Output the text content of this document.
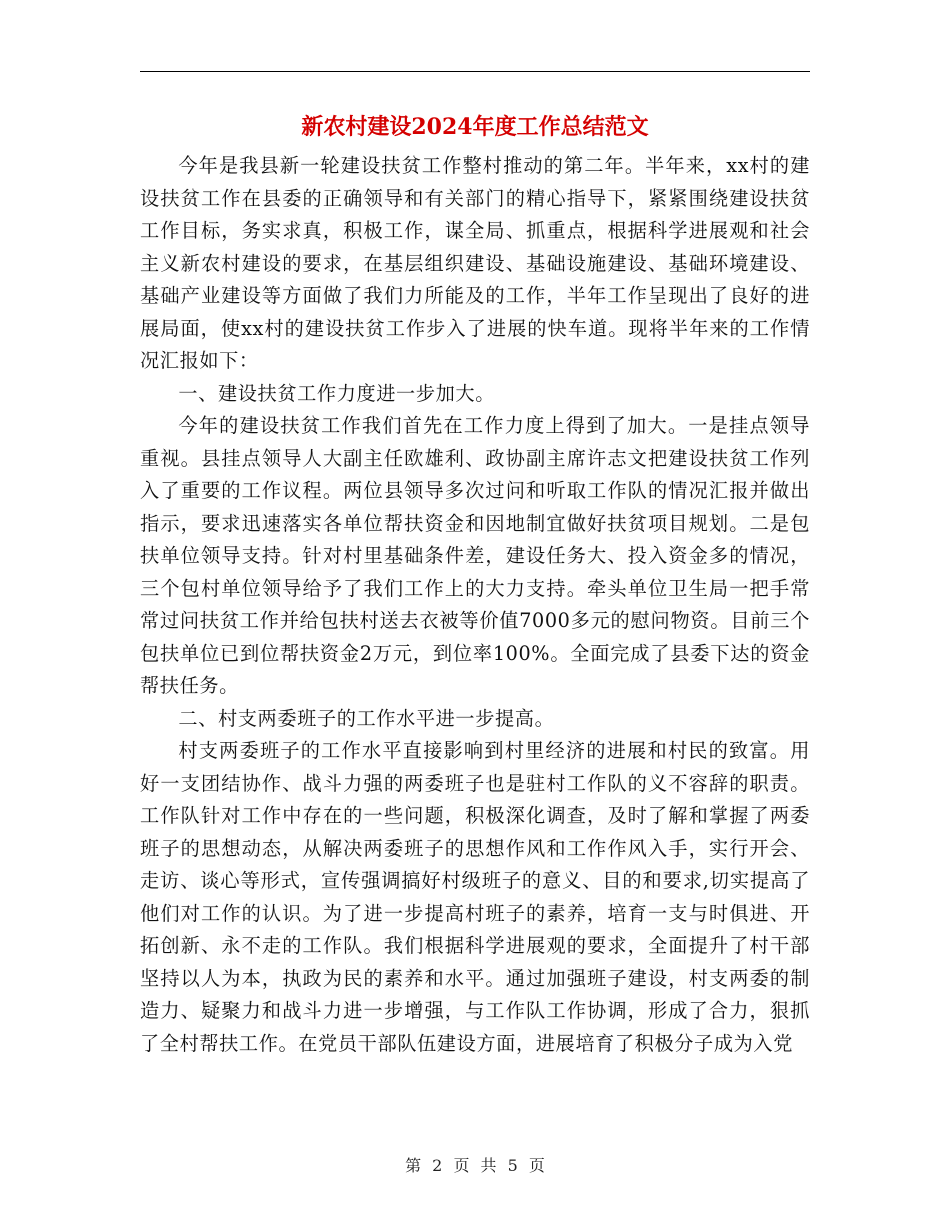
新农村建设2024年度工作总结范文

今年是我县新一轮建设扶贫工作整村推动的第二年。半年来，xx村的建设扶贫工作在县委的正确领导和有关部门的精心指导下，紧紧围绕建设扶贫工作目标，务实求真，积极工作，谋全局、抓重点，根据科学进展观和社会主义新农村建设的要求，在基层组织建设、基础设施建设、基础环境建设、基础产业建设等方面做了我们力所能及的工作，半年工作呈现出了良好的进展局面，使xx村的建设扶贫工作步入了进展的快车道。现将半年来的工作情况汇报如下：

一、建设扶贫工作力度进一步加大。

今年的建设扶贫工作我们首先在工作力度上得到了加大。一是挂点领导重视。县挂点领导人大副主任欧雄利、政协副主席许志文把建设扶贫工作列入了重要的工作议程。两位县领导多次过问和听取工作队的情况汇报并做出指示，要求迅速落实各单位帮扶资金和因地制宜做好扶贫项目规划。二是包扶单位领导支持。针对村里基础条件差，建设任务大、投入资金多的情况，三个包村单位领导给予了我们工作上的大力支持。牵头单位卫生局一把手常常过问扶贫工作并给包扶村送去衣被等价值7000多元的慰问物资。目前三个包扶单位已到位帮扶资金2万元，到位率100%。全面完成了县委下达的资金帮扶任务。

二、村支两委班子的工作水平进一步提高。

村支两委班子的工作水平直接影响到村里经济的进展和村民的致富。用好一支团结协作、战斗力强的两委班子也是驻村工作队的义不容辞的职责。工作队针对工作中存在的一些问题，积极深化调查，及时了解和掌握了两委班子的思想动态，从解决两委班子的思想作风和工作作风入手，实行开会、走访、谈心等形式，宣传强调搞好村级班子的意义、目的和要求,切实提高了他们对工作的认识。为了进一步提高村班子的素养，培育一支与时俱进、开拓创新、永不走的工作队。我们根据科学进展观的要求，全面提升了村干部坚持以人为本，执政为民的素养和水平。通过加强班子建设，村支两委的制造力、疑聚力和战斗力进一步增强，与工作队工作协调，形成了合力，狠抓了全村帮扶工作。在党员干部队伍建设方面，进展培育了积极分子成为入党

第 2 页 共 5 页
